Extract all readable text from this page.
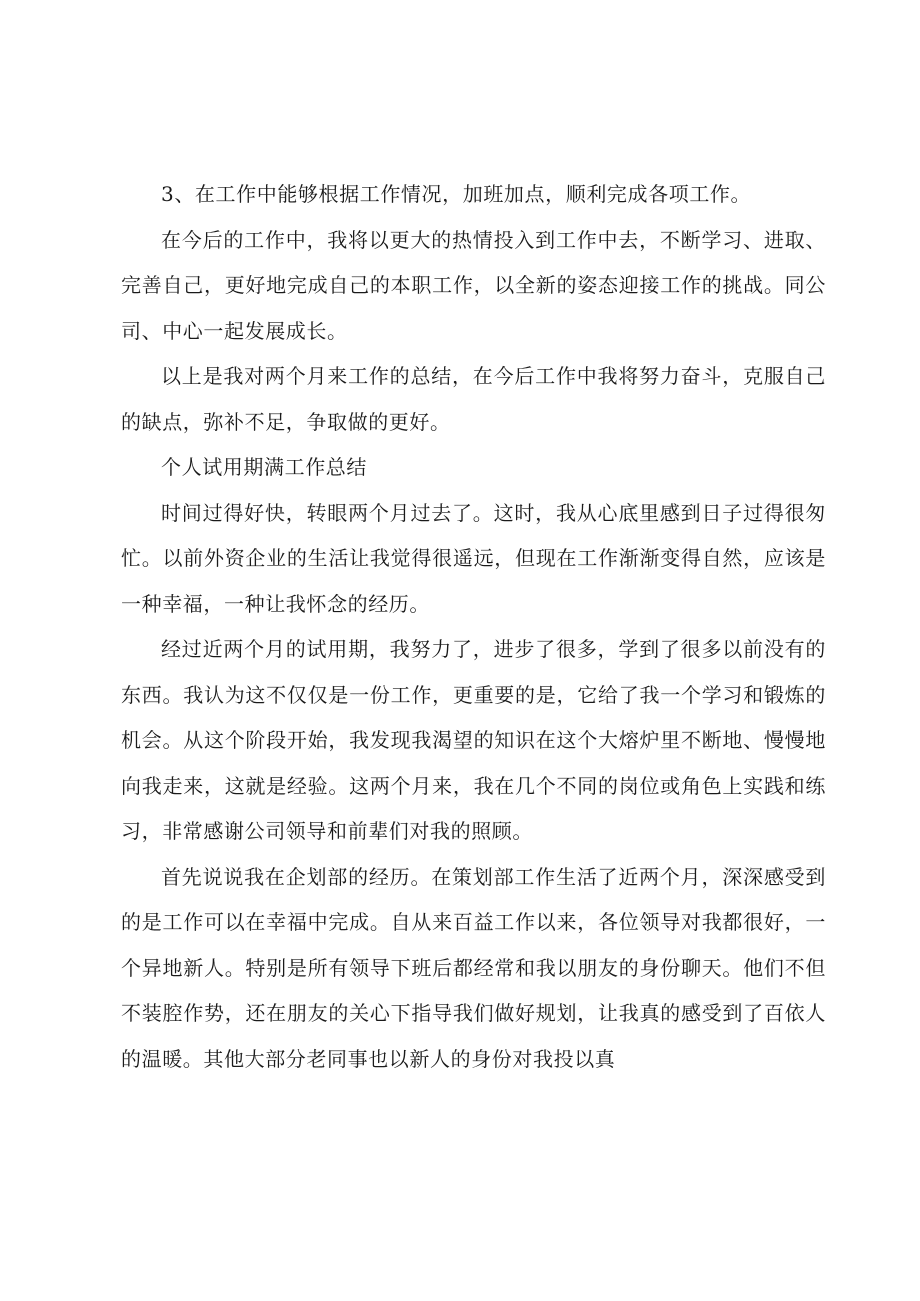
3、在工作中能够根据工作情况，加班加点，顺利完成各项工作。

在今后的工作中，我将以更大的热情投入到工作中去，不断学习、进取、完善自己，更好地完成自己的本职工作，以全新的姿态迎接工作的挑战。同公司、中心一起发展成长。

以上是我对两个月来工作的总结，在今后工作中我将努力奋斗，克服自己的缺点，弥补不足，争取做的更好。

个人试用期满工作总结

时间过得好快，转眼两个月过去了。这时，我从心底里感到日子过得很匆忙。以前外资企业的生活让我觉得很遥远，但现在工作渐渐变得自然，应该是一种幸福，一种让我怀念的经历。

经过近两个月的试用期，我努力了，进步了很多，学到了很多以前没有的东西。我认为这不仅仅是一份工作，更重要的是，它给了我一个学习和锻炼的机会。从这个阶段开始，我发现我渴望的知识在这个大熔炉里不断地、慢慢地向我走来，这就是经验。这两个月来，我在几个不同的岗位或角色上实践和练习，非常感谢公司领导和前辈们对我的照顾。

首先说说我在企划部的经历。在策划部工作生活了近两个月，深深感受到的是工作可以在幸福中完成。自从来百益工作以来，各位领导对我都很好，一个异地新人。特别是所有领导下班后都经常和我以朋友的身份聊天。他们不但不装腔作势，还在朋友的关心下指导我们做好规划，让我真的感受到了百依人的温暖。其他大部分老同事也以新人的身份对我投以真
